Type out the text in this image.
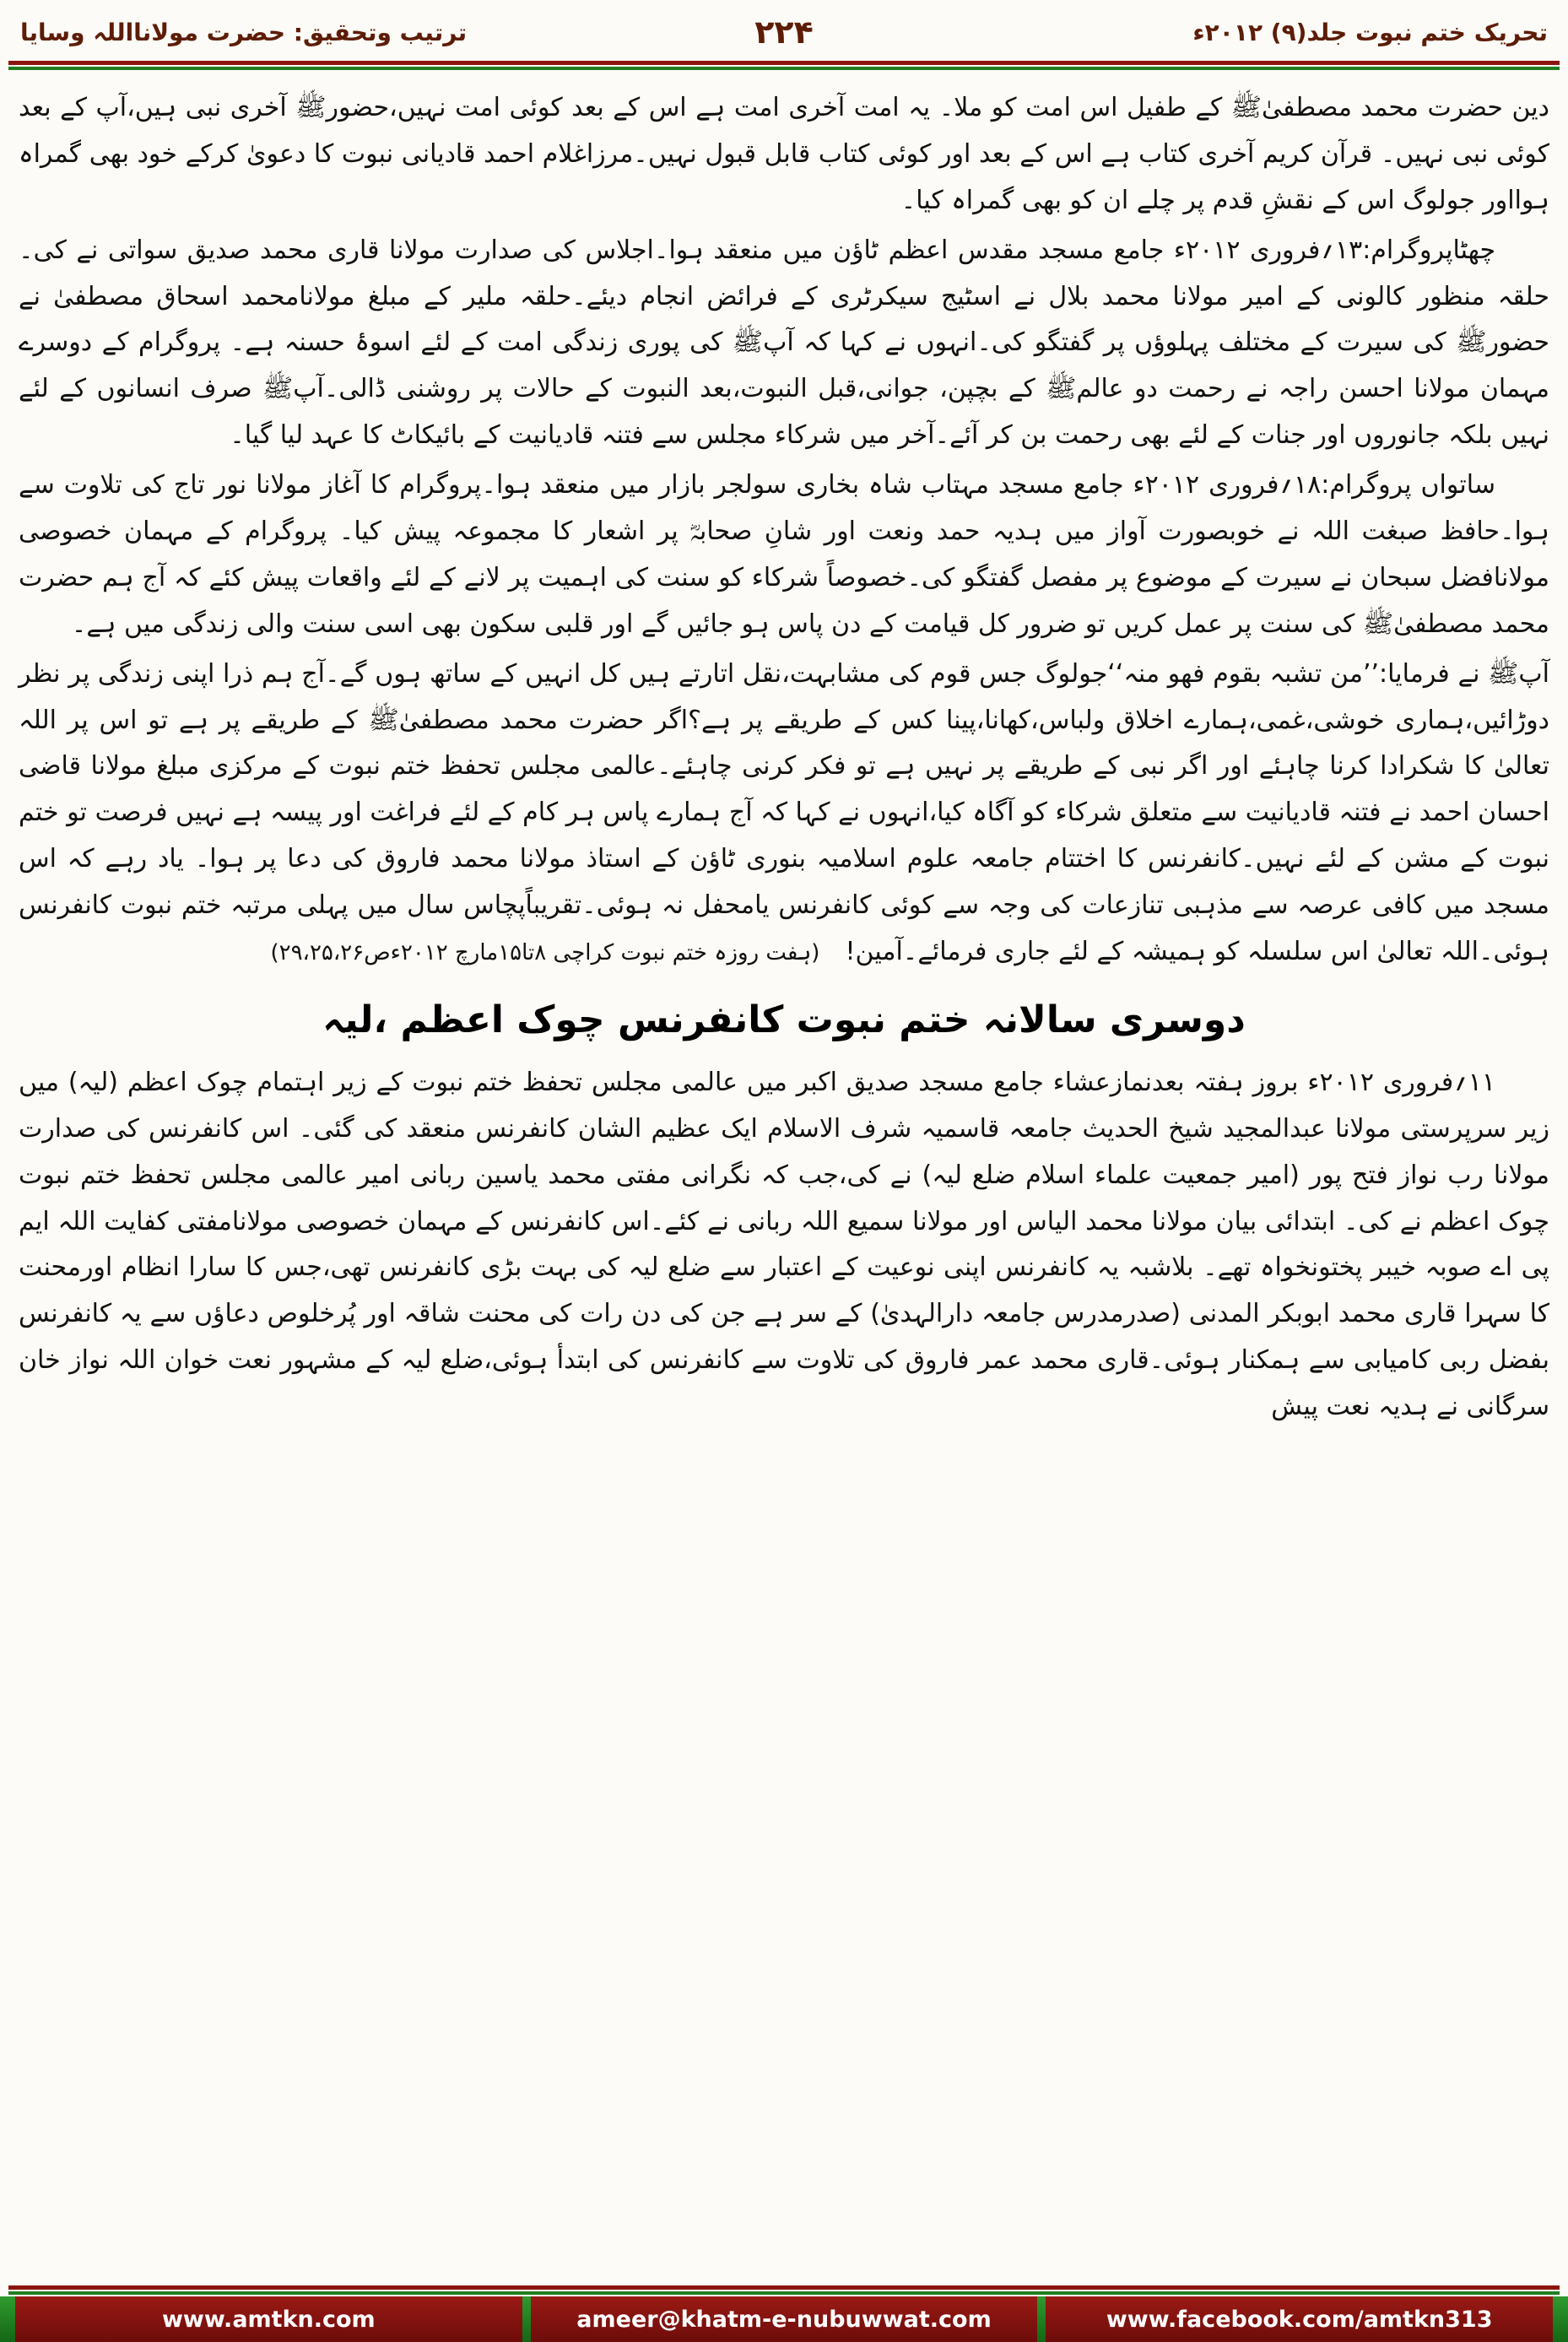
تحریک ختم نبوت جلد(۹) ۲۰۱۲ء
۲۲۴
ترتیب وتحقیق: حضرت مولانااللہ وسایا

دین حضرت محمد مصطفیٰﷺ کے طفیل اس امت کو ملا۔ یہ امت آخری امت ہے اس کے بعد کوئی امت نہیں،حضورﷺ آخری نبی ہیں،آپ کے بعد کوئی نبی نہیں۔ قرآن کریم آخری کتاب ہے اس کے بعد اور کوئی کتاب قابل قبول نہیں۔مرزاغلام احمد قادیانی نبوت کا دعویٰ کرکے خود بھی گمراہ ہوااور جولوگ اس کے نقشِ قدم پر چلے ان کو بھی گمراہ کیا۔

چھٹاپروگرام:۱۳؍فروری ۲۰۱۲ء جامع مسجد مقدس اعظم ٹاؤن میں منعقد ہوا۔اجلاس کی صدارت مولانا قاری محمد صدیق سواتی نے کی۔حلقہ منظور کالونی کے امیر مولانا محمد بلال نے اسٹیج سیکرٹری کے فرائض انجام دیئے۔حلقہ ملیر کے مبلغ مولانامحمد اسحاق مصطفیٰ نے حضورﷺ کی سیرت کے مختلف پہلوؤں پر گفتگو کی۔انہوں نے کہا کہ آپﷺ کی پوری زندگی امت کے لئے اسوۂ حسنہ ہے۔ پروگرام کے دوسرے مہمان مولانا احسن راجہ نے رحمت دو عالمﷺ کے بچپن، جوانی،قبل النبوت،بعد النبوت کے حالات پر روشنی ڈالی۔آپﷺ صرف انسانوں کے لئے نہیں بلکہ جانوروں اور جنات کے لئے بھی رحمت بن کر آئے۔آخر میں شرکاء مجلس سے فتنہ قادیانیت کے بائیکاٹ کا عہد لیا گیا۔

ساتواں پروگرام:۱۸؍فروری ۲۰۱۲ء جامع مسجد مہتاب شاہ بخاری سولجر بازار میں منعقد ہوا۔پروگرام کا آغاز مولانا نور تاج کی تلاوت سے ہوا۔حافظ صبغت اللہ نے خوبصورت آواز میں ہدیہ حمد ونعت اور شانِ صحابہؓ پر اشعار کا مجموعہ پیش کیا۔ پروگرام کے مہمان خصوصی مولانافضل سبحان نے سیرت کے موضوع پر مفصل گفتگو کی۔خصوصاً شرکاء کو سنت کی اہمیت پر لانے کے لئے واقعات پیش کئے کہ آج ہم حضرت محمد مصطفیٰﷺ کی سنت پر عمل کریں تو ضرور کل قیامت کے دن پاس ہو جائیں گے اور قلبی سکون بھی اسی سنت والی زندگی میں ہے۔

آپﷺ نے فرمایا:’’من تشبہ بقوم فھو منہ‘‘جولوگ جس قوم کی مشابہت،نقل اتارتے ہیں کل انہیں کے ساتھ ہوں گے۔آج ہم ذرا اپنی زندگی پر نظر دوڑائیں،ہماری خوشی،غمی،ہمارے اخلاق ولباس،کھانا،پینا کس کے طریقے پر ہے؟اگر حضرت محمد مصطفیٰﷺ کے طریقے پر ہے تو اس پر اللہ تعالیٰ کا شکرادا کرنا چاہئے اور اگر نبی کے طریقے پر نہیں ہے تو فکر کرنی چاہئے۔عالمی مجلس تحفظ ختم نبوت کے مرکزی مبلغ مولانا قاضی احسان احمد نے فتنہ قادیانیت سے متعلق شرکاء کو آگاہ کیا،انہوں نے کہا کہ آج ہمارے پاس ہر کام کے لئے فراغت اور پیسہ ہے نہیں فرصت تو ختم نبوت کے مشن کے لئے نہیں۔کانفرنس کا اختتام جامعہ علوم اسلامیہ بنوری ٹاؤن کے استاذ مولانا محمد فاروق کی دعا پر ہوا۔ یاد رہے کہ اس مسجد میں کافی عرصہ سے مذہبی تنازعات کی وجہ سے کوئی کانفرنس یامحفل نہ ہوئی۔تقریباًپچاس سال میں پہلی مرتبہ ختم نبوت کانفرنس ہوئی۔اللہ تعالیٰ اس سلسلہ کو ہمیشہ کے لئے جاری فرمائے۔آمین!(ہفت روزہ ختم نبوت کراچی ۸تا۱۵مارچ ۲۰۱۲ءص۲۹،۲۵،۲۶)

دوسری سالانہ ختم نبوت کانفرنس چوک اعظم ،لیہ

۱۱؍فروری ۲۰۱۲ء بروز ہفتہ بعدنمازعشاء جامع مسجد صدیق اکبر میں عالمی مجلس تحفظ ختم نبوت کے زیر اہتمام چوک اعظم (لیہ) میں زیر سرپرستی مولانا عبدالمجید شیخ الحدیث جامعہ قاسمیہ شرف الاسلام ایک عظیم الشان کانفرنس منعقد کی گئی۔ اس کانفرنس کی صدارت مولانا رب نواز فتح پور (امیر جمعیت علماء اسلام ضلع لیہ) نے کی،جب کہ نگرانی مفتی محمد یاسین ربانی امیر عالمی مجلس تحفظ ختم نبوت چوک اعظم نے کی۔ ابتدائی بیان مولانا محمد الیاس اور مولانا سمیع اللہ ربانی نے کئے۔اس کانفرنس کے مہمان خصوصی مولانامفتی کفایت اللہ ایم پی اے صوبہ خیبر پختونخواہ تھے۔ بلاشبہ یہ کانفرنس اپنی نوعیت کے اعتبار سے ضلع لیہ کی بہت بڑی کانفرنس تھی،جس کا سارا انظام اورمحنت کا سہرا قاری محمد ابوبکر المدنی (صدرمدرس جامعہ دارالہدیٰ) کے سر ہے جن کی دن رات کی محنت شاقہ اور پُرخلوص دعاؤں سے یہ کانفرنس بفضل ربی کامیابی سے ہمکنار ہوئی۔قاری محمد عمر فاروق کی تلاوت سے کانفرنس کی ابتدأ ہوئی،ضلع لیہ کے مشہور نعت خوان اللہ نواز خان سرگانی نے ہدیہ نعت پیش

www.amtkn.com	ameer@khatm-e-nubuwwat.com	www.facebook.com/amtkn313
